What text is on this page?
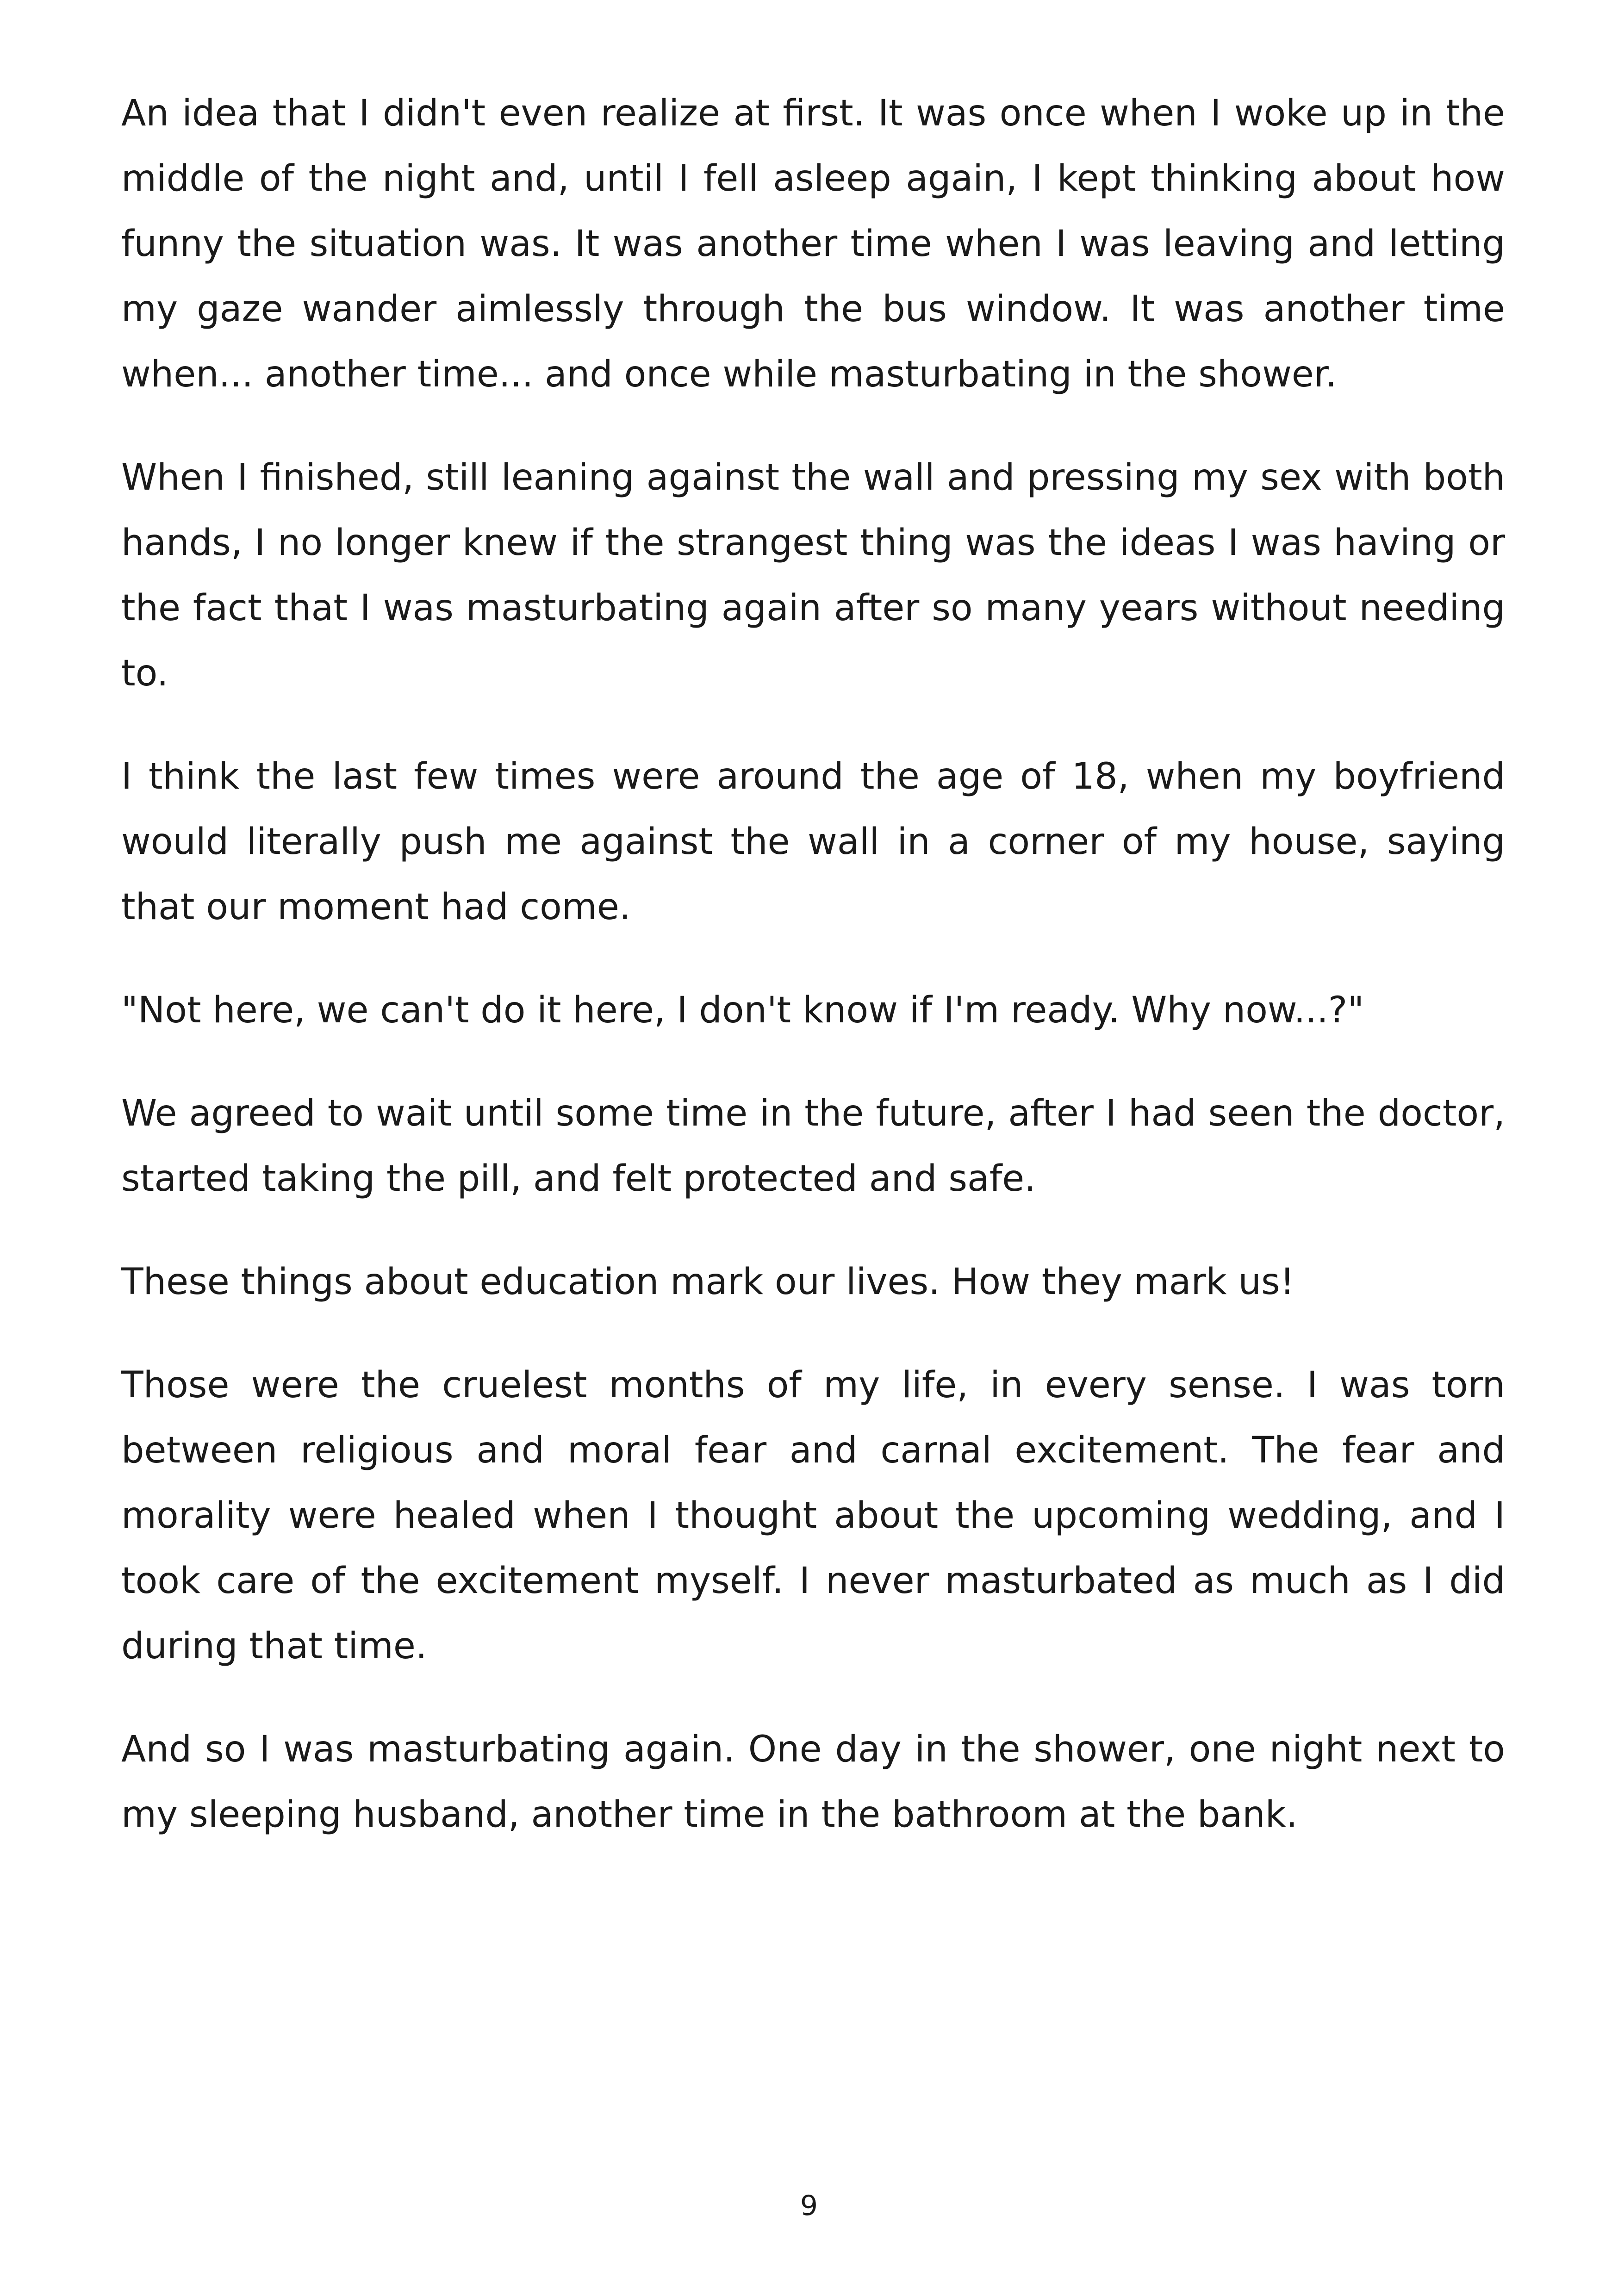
An idea that I didn't even realize at first. It was once when I woke up in the middle of the night and, until I fell asleep again, I kept thinking about how funny the situation was. It was another time when I was leaving and letting my gaze wander aimlessly through the bus window. It was another time when... another time... and once while masturbating in the shower.

When I finished, still leaning against the wall and pressing my sex with both hands, I no longer knew if the strangest thing was the ideas I was having or the fact that I was masturbating again after so many years without needing to.

I think the last few times were around the age of 18, when my boyfriend would literally push me against the wall in a corner of my house, saying that our moment had come.

"Not here, we can't do it here, I don't know if I'm ready. Why now...?"

We agreed to wait until some time in the future, after I had seen the doctor, started taking the pill, and felt protected and safe.

These things about education mark our lives. How they mark us!

Those were the cruelest months of my life, in every sense. I was torn between religious and moral fear and carnal excitement. The fear and morality were healed when I thought about the upcoming wedding, and I took care of the excitement myself. I never masturbated as much as I did during that time.

And so I was masturbating again. One day in the shower, one night next to my sleeping husband, another time in the bathroom at the bank.

9
